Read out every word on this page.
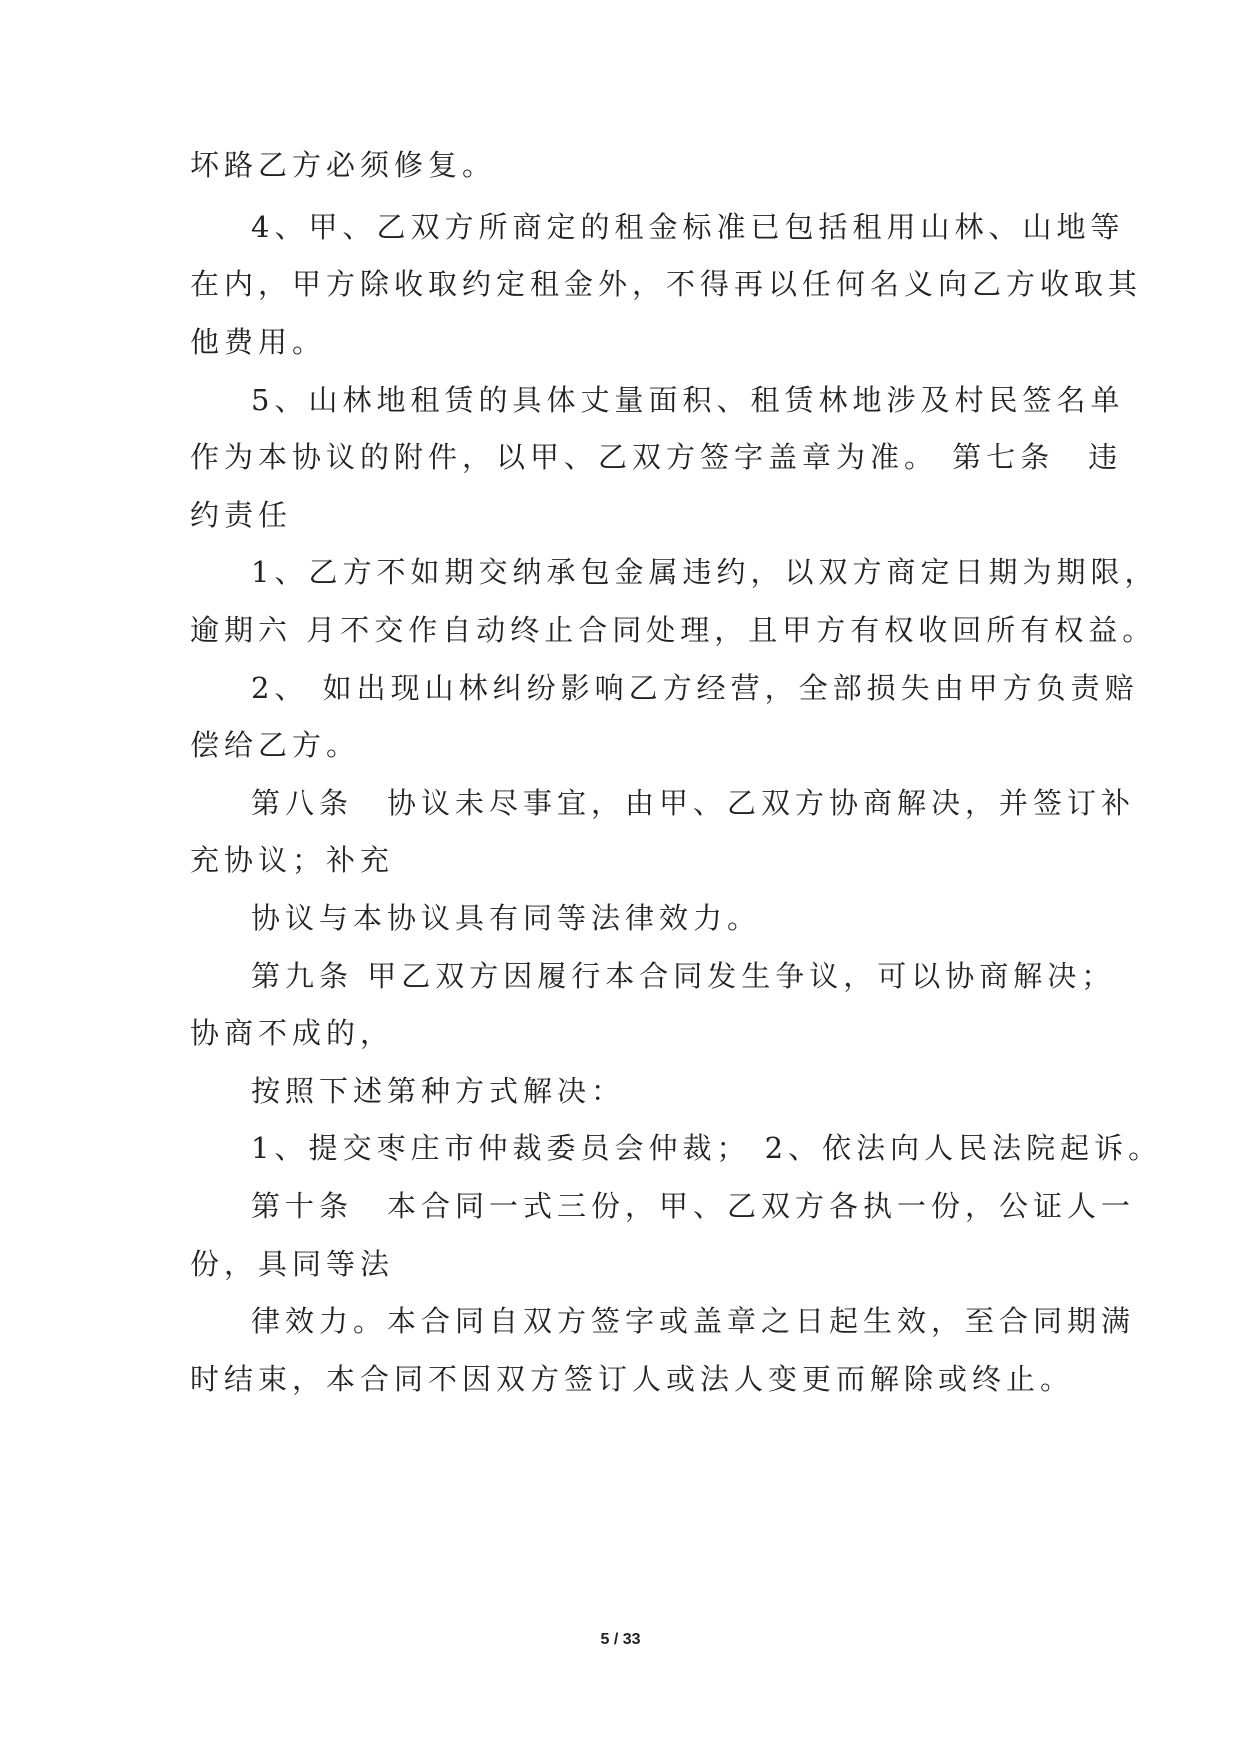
坏路乙方必须修复。

4、甲、乙双方所商定的租金标准已包括租用山林、山地等

在内，甲方除收取约定租金外，不得再以任何名义向乙方收取其

他费用。

5、山林地租赁的具体丈量面积、租赁林地涉及村民签名单

作为本协议的附件，以甲、乙双方签字盖章为准。 第七条　违

约责任

1、乙方不如期交纳承包金属违约，以双方商定日期为期限，

逾期六 月不交作自动终止合同处理，且甲方有权收回所有权益。

2、 如出现山林纠纷影响乙方经营，全部损失由甲方负责赔

偿给乙方。

第八条　协议未尽事宜，由甲、乙双方协商解决，并签订补

充协议；补充

协议与本协议具有同等法律效力。

第九条 甲乙双方因履行本合同发生争议，可以协商解决；

协商不成的，

按照下述第种方式解决：

1、提交枣庄市仲裁委员会仲裁； 2、依法向人民法院起诉。

第十条　本合同一式三份，甲、乙双方各执一份，公证人一

份，具同等法

律效力。本合同自双方签字或盖章之日起生效，至合同期满

时结束，本合同不因双方签订人或法人变更而解除或终止。

5 / 33
